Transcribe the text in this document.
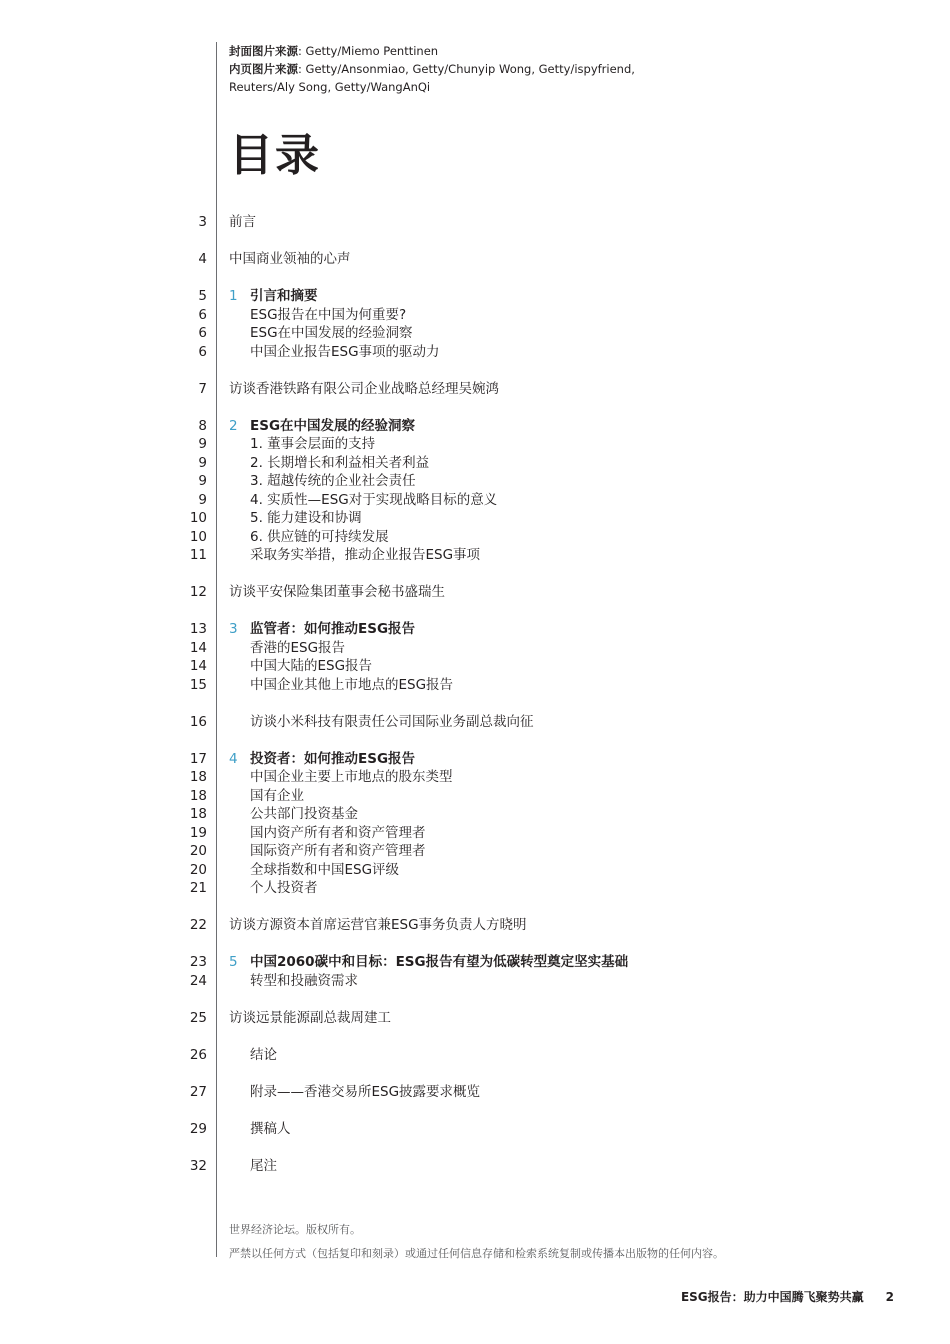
封面图片来源: Getty/Miemo Penttinen
内页图片来源: Getty/Ansonmiao, Getty/Chunyip Wong, Getty/ispyfriend,
Reuters/Aly Song, Getty/WangAnQi
目录
3 前言
4 中国商业领袖的心声
5 1 引言和摘要
6	ESG报告在中国为何重要?
6	ESG在中国发展的经验洞察
6	中国企业报告ESG事项的驱动力
7 访谈香港铁路有限公司企业战略总经理吴婉鸿
8 2 ESG在中国发展的经验洞察
9	1. 董事会层面的支持
9	2. 长期增长和利益相关者利益
9	3. 超越传统的企业社会责任
9	4. 实质性—ESG对于实现战略目标的意义
10	5. 能力建设和协调
10	6. 供应链的可持续发展
11	采取务实举措，推动企业报告ESG事项
12 访谈平安保险集团董事会秘书盛瑞生
13 3 监管者：如何推动ESG报告
14	香港的ESG报告
14	中国大陆的ESG报告
15	中国企业其他上市地点的ESG报告
16	访谈小米科技有限责任公司国际业务副总裁向征
17 4 投资者：如何推动ESG报告
18	中国企业主要上市地点的股东类型
18	国有企业
18	公共部门投资基金
19	国内资产所有者和资产管理者
20	国际资产所有者和资产管理者
20	全球指数和中国ESG评级
21	个人投资者
22 访谈方源资本首席运营官兼ESG事务负责人方晓明
23 5 中国2060碳中和目标：ESG报告有望为低碳转型奠定坚实基础
24	转型和投融资需求
25 访谈远景能源副总裁周建工
26	结论
27	附录——香港交易所ESG披露要求概览
29	撰稿人
32	尾注
世界经济论坛。版权所有。
严禁以任何方式（包括复印和刻录）或通过任何信息存储和检索系统复制或传播本出版物的任何内容。
ESG报告：助力中国腾飞聚势共赢 2
